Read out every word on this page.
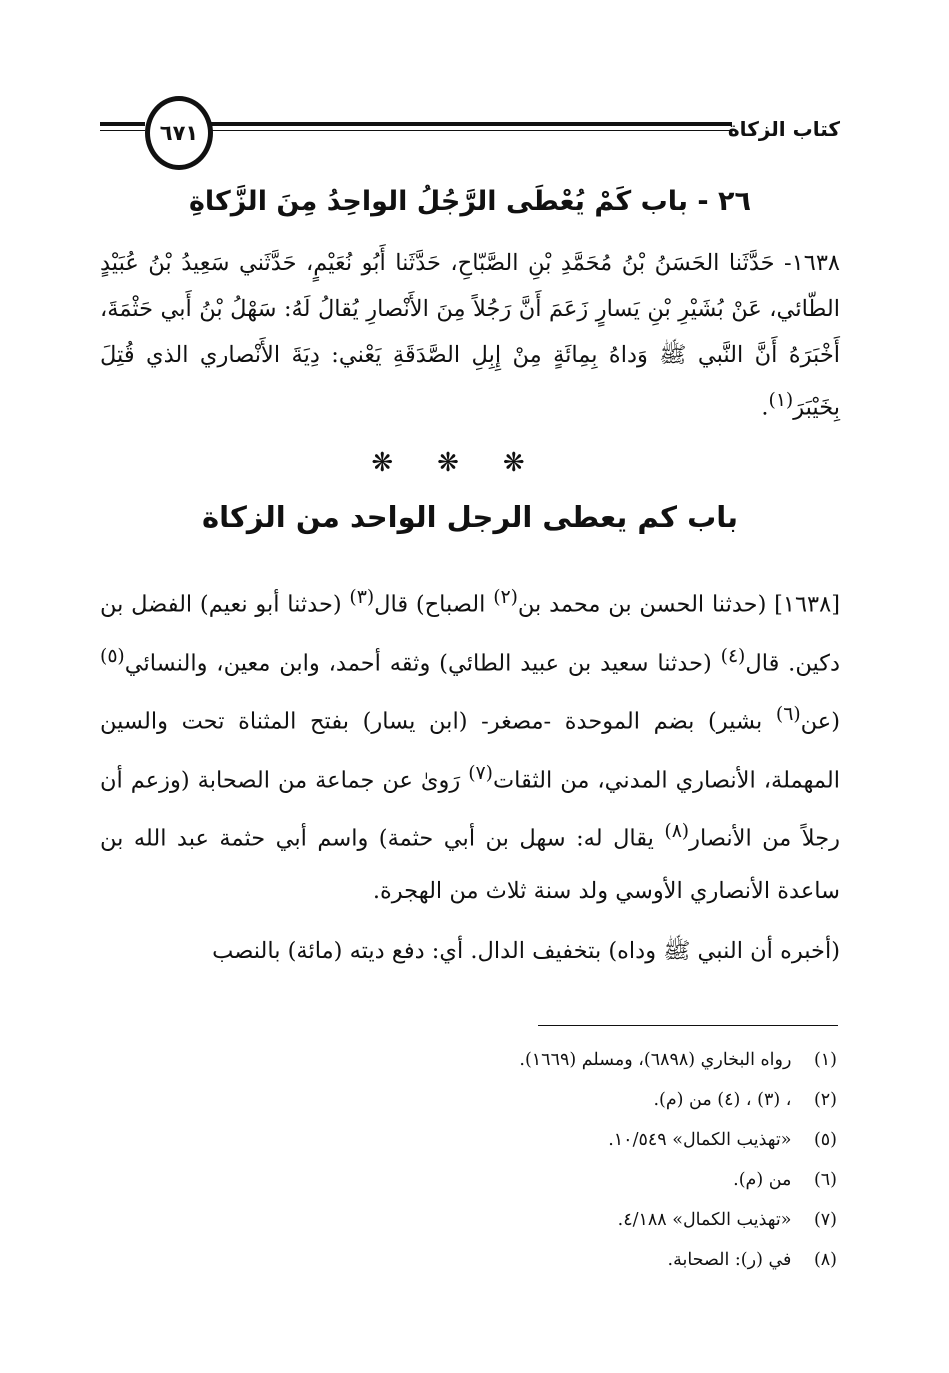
كتاب الزكاة
٦٧١
٢٦ - باب كَمْ يُعْطَى الرَّجُلُ الواحِدُ مِنَ الزَّكاةِ
١٦٣٨- حَدَّثَنا الحَسَنُ بْنُ مُحَمَّدِ بْنِ الصَّبّاحِ، حَدَّثَنا أَبُو نُعَيْمٍ، حَدَّثَني سَعِيدُ بْنُ عُبَيْدٍ الطّائي، عَنْ بُشَيْرِ بْنِ يَسارٍ زَعَمَ أَنَّ رَجُلاً مِنَ الأَنْصارِ يُقالُ لَهُ: سَهْلُ بْنُ أَبي حَثْمَةَ، أَخْبَرَهُ أَنَّ النَّبي ﷺ وَداهُ بِمِائَةٍ مِنْ إِبِلِ الصَّدَقَةِ يَعْني: دِيَةَ الأَنْصاري الذي قُتِلَ بِخَيْبَرَ$^{(١)}$.
❋❋❋
باب كم يعطى الرجل الواحد من الزكاة

[١٦٣٨] (حدثنا الحسن بن محمد بن$^{(٢)}$ الصباح) قال$^{(٣)}$ (حدثنا أبو نعيم) الفضل بن دكين. قال$^{(٤)}$ (حدثنا سعيد بن عبيد الطائي) وثقه أحمد، وابن معين، والنسائي$^{(٥)}$ (عن$^{(٦)}$ بشير) بضم الموحدة -مصغر- (ابن يسار) بفتح المثناة تحت والسين المهملة، الأنصاري المدني، من الثقات$^{(٧)}$ رَوىٰ عن جماعة من الصحابة (وزعم أن رجلاً من الأنصار$^{(٨)}$ يقال له: سهل بن أبي حثمة) واسم أبي حثمة عبد الله بن ساعدة الأنصاري الأوسي ولد سنة ثلاث من الهجرة.

(أخبره أن النبي ﷺ وداه) بتخفيف الدال. أي: دفع ديته (مائة) بالنصب

(١) رواه البخاري (٦٨٩٨)، ومسلم (١٦٦٩).
(٢) ، (٣) ، (٤) من (م).
(٥) «تهذيب الكمال» ١٠/٥٤٩.
(٦) من (م).
(٧) «تهذيب الكمال» ٤/١٨٨.
(٨) في (ر): الصحابة.
